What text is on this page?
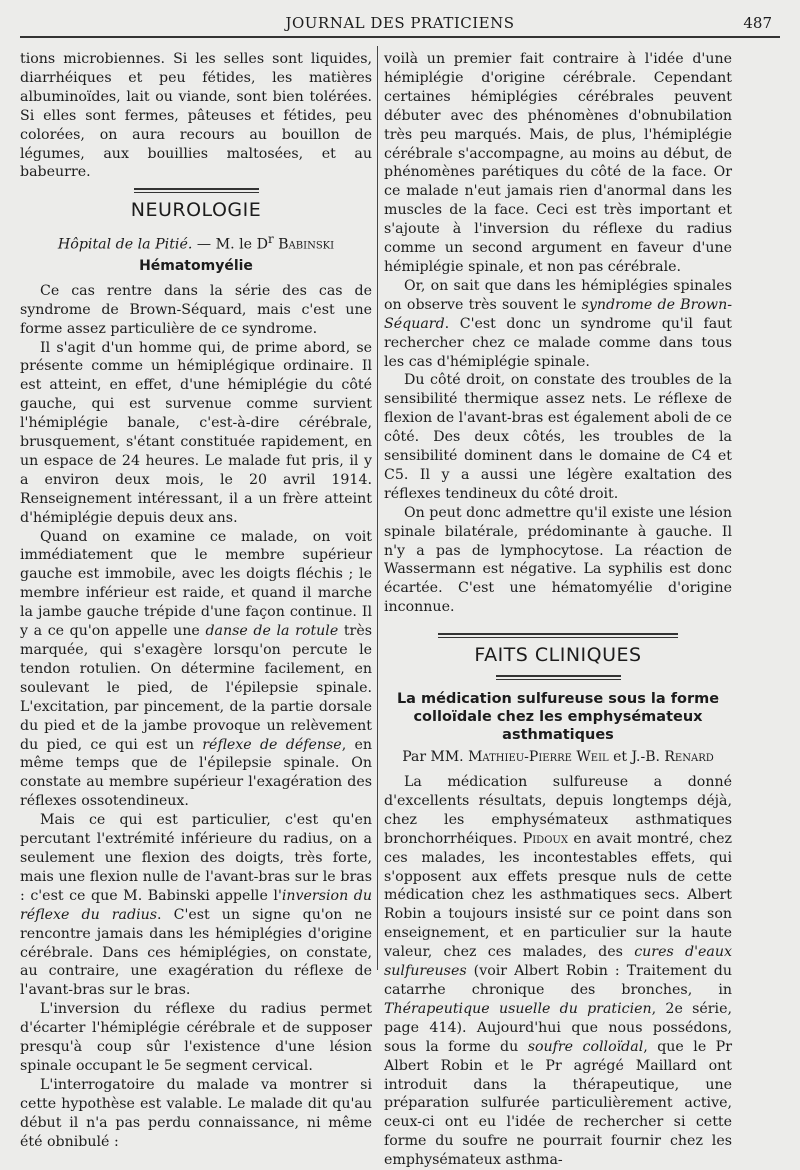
JOURNAL DES PRATICIENS	487

tions microbiennes. Si les selles sont liquides, diarrhéiques et peu fétides, les matières albuminoïdes, lait ou viande, sont bien tolérées. Si elles sont fermes, pâteuses et fétides, peu colorées, on aura recours au bouillon de légumes, aux bouillies maltosées, et au babeurre.

NEUROLOGIE
Hôpital de la Pitié. — M. le $D^r$ Babinski
Hématomyélie

Ce cas rentre dans la série des cas de syndrome de Brown-Séquard, mais c'est une forme assez particulière de ce syndrome.

Il s'agit d'un homme qui, de prime abord, se présente comme un hémiplégique ordinaire. Il est atteint, en effet, d'une hémiplégie du côté gauche, qui est survenue comme survient l'hémiplégie banale, c'est-à-dire cérébrale, brusquement, s'étant constituée rapidement, en un espace de 24 heures. Le malade fut pris, il y a environ deux mois, le 20 avril 1914. Renseignement intéressant, il a un frère atteint d'hémiplégie depuis deux ans.

Quand on examine ce malade, on voit immédiatement que le membre supérieur gauche est immobile, avec les doigts fléchis ; le membre inférieur est raide, et quand il marche la jambe gauche trépide d'une façon continue. Il y a ce qu'on appelle une danse de la rotule très marquée, qui s'exagère lorsqu'on percute le tendon rotulien. On détermine facilement, en soulevant le pied, de l'épilepsie spinale. L'excitation, par pincement, de la partie dorsale du pied et de la jambe provoque un relèvement du pied, ce qui est un réflexe de défense, en même temps que de l'épilepsie spinale. On constate au membre supérieur l'exagération des réflexes ossotendineux.

Mais ce qui est particulier, c'est qu'en percutant l'extrémité inférieure du radius, on a seulement une flexion des doigts, très forte, mais une flexion nulle de l'avant-bras sur le bras : c'est ce que M. Babinski appelle l'inversion du réflexe du radius. C'est un signe qu'on ne rencontre jamais dans les hémiplégies d'origine cérébrale. Dans ces hémiplégies, on constate, au contraire, une exagération du réflexe de l'avant-bras sur le bras.

L'inversion du réflexe du radius permet d'écarter l'hémiplégie cérébrale et de supposer presqu'à coup sûr l'existence d'une lésion spinale occupant le 5e segment cervical.

L'interrogatoire du malade va montrer si cette hypothèse est valable. Le malade dit qu'au début il n'a pas perdu connaissance, ni même été obnibulé :

voilà un premier fait contraire à l'idée d'une hémiplégie d'origine cérébrale. Cependant certaines hémiplégies cérébrales peuvent débuter avec des phénomènes d'obnubilation très peu marqués. Mais, de plus, l'hémiplégie cérébrale s'accompagne, au moins au début, de phénomènes parétiques du côté de la face. Or ce malade n'eut jamais rien d'anormal dans les muscles de la face. Ceci est très important et s'ajoute à l'inversion du réflexe du radius comme un second argument en faveur d'une hémiplégie spinale, et non pas cérébrale.

Or, on sait que dans les hémiplégies spinales on observe très souvent le syndrome de Brown-Séquard. C'est donc un syndrome qu'il faut rechercher chez ce malade comme dans tous les cas d'hémiplégie spinale.

Du côté droit, on constate des troubles de la sensibilité thermique assez nets. Le réflexe de flexion de l'avant-bras est également aboli de ce côté. Des deux côtés, les troubles de la sensibilité dominent dans le domaine de C4 et C5. Il y a aussi une légère exaltation des réflexes tendineux du côté droit.

On peut donc admettre qu'il existe une lésion spinale bilatérale, prédominante à gauche. Il n'y a pas de lymphocytose. La réaction de Wassermann est négative. La syphilis est donc écartée. C'est une hématomyélie d'origine inconnue.

FAITS CLINIQUES
La médication sulfureuse sous la forme colloïdale chez les emphysémateux asthmatiques
Par MM. Mathieu-Pierre Weil et J.-B. Renard

La médication sulfureuse a donné d'excellents résultats, depuis longtemps déjà, chez les emphysémateux asthmatiques bronchorrhéiques. Pidoux en avait montré, chez ces malades, les incontestables effets, qui s'opposent aux effets presque nuls de cette médication chez les asthmatiques secs. Albert Robin a toujours insisté sur ce point dans son enseignement, et en particulier sur la haute valeur, chez ces malades, des cures d'eaux sulfureuses (voir Albert Robin : Traitement du catarrhe chronique des bronches, in Thérapeutique usuelle du praticien, 2e série, page 414). Aujourd'hui que nous possédons, sous la forme du soufre colloïdal, que le Pr Albert Robin et le Pr agrégé Maillard ont introduit dans la thérapeutique, une préparation sulfurée particulièrement active, ceux-ci ont eu l'idée de rechercher si cette forme du soufre ne pourrait fournir chez les emphysémateux asthma-
